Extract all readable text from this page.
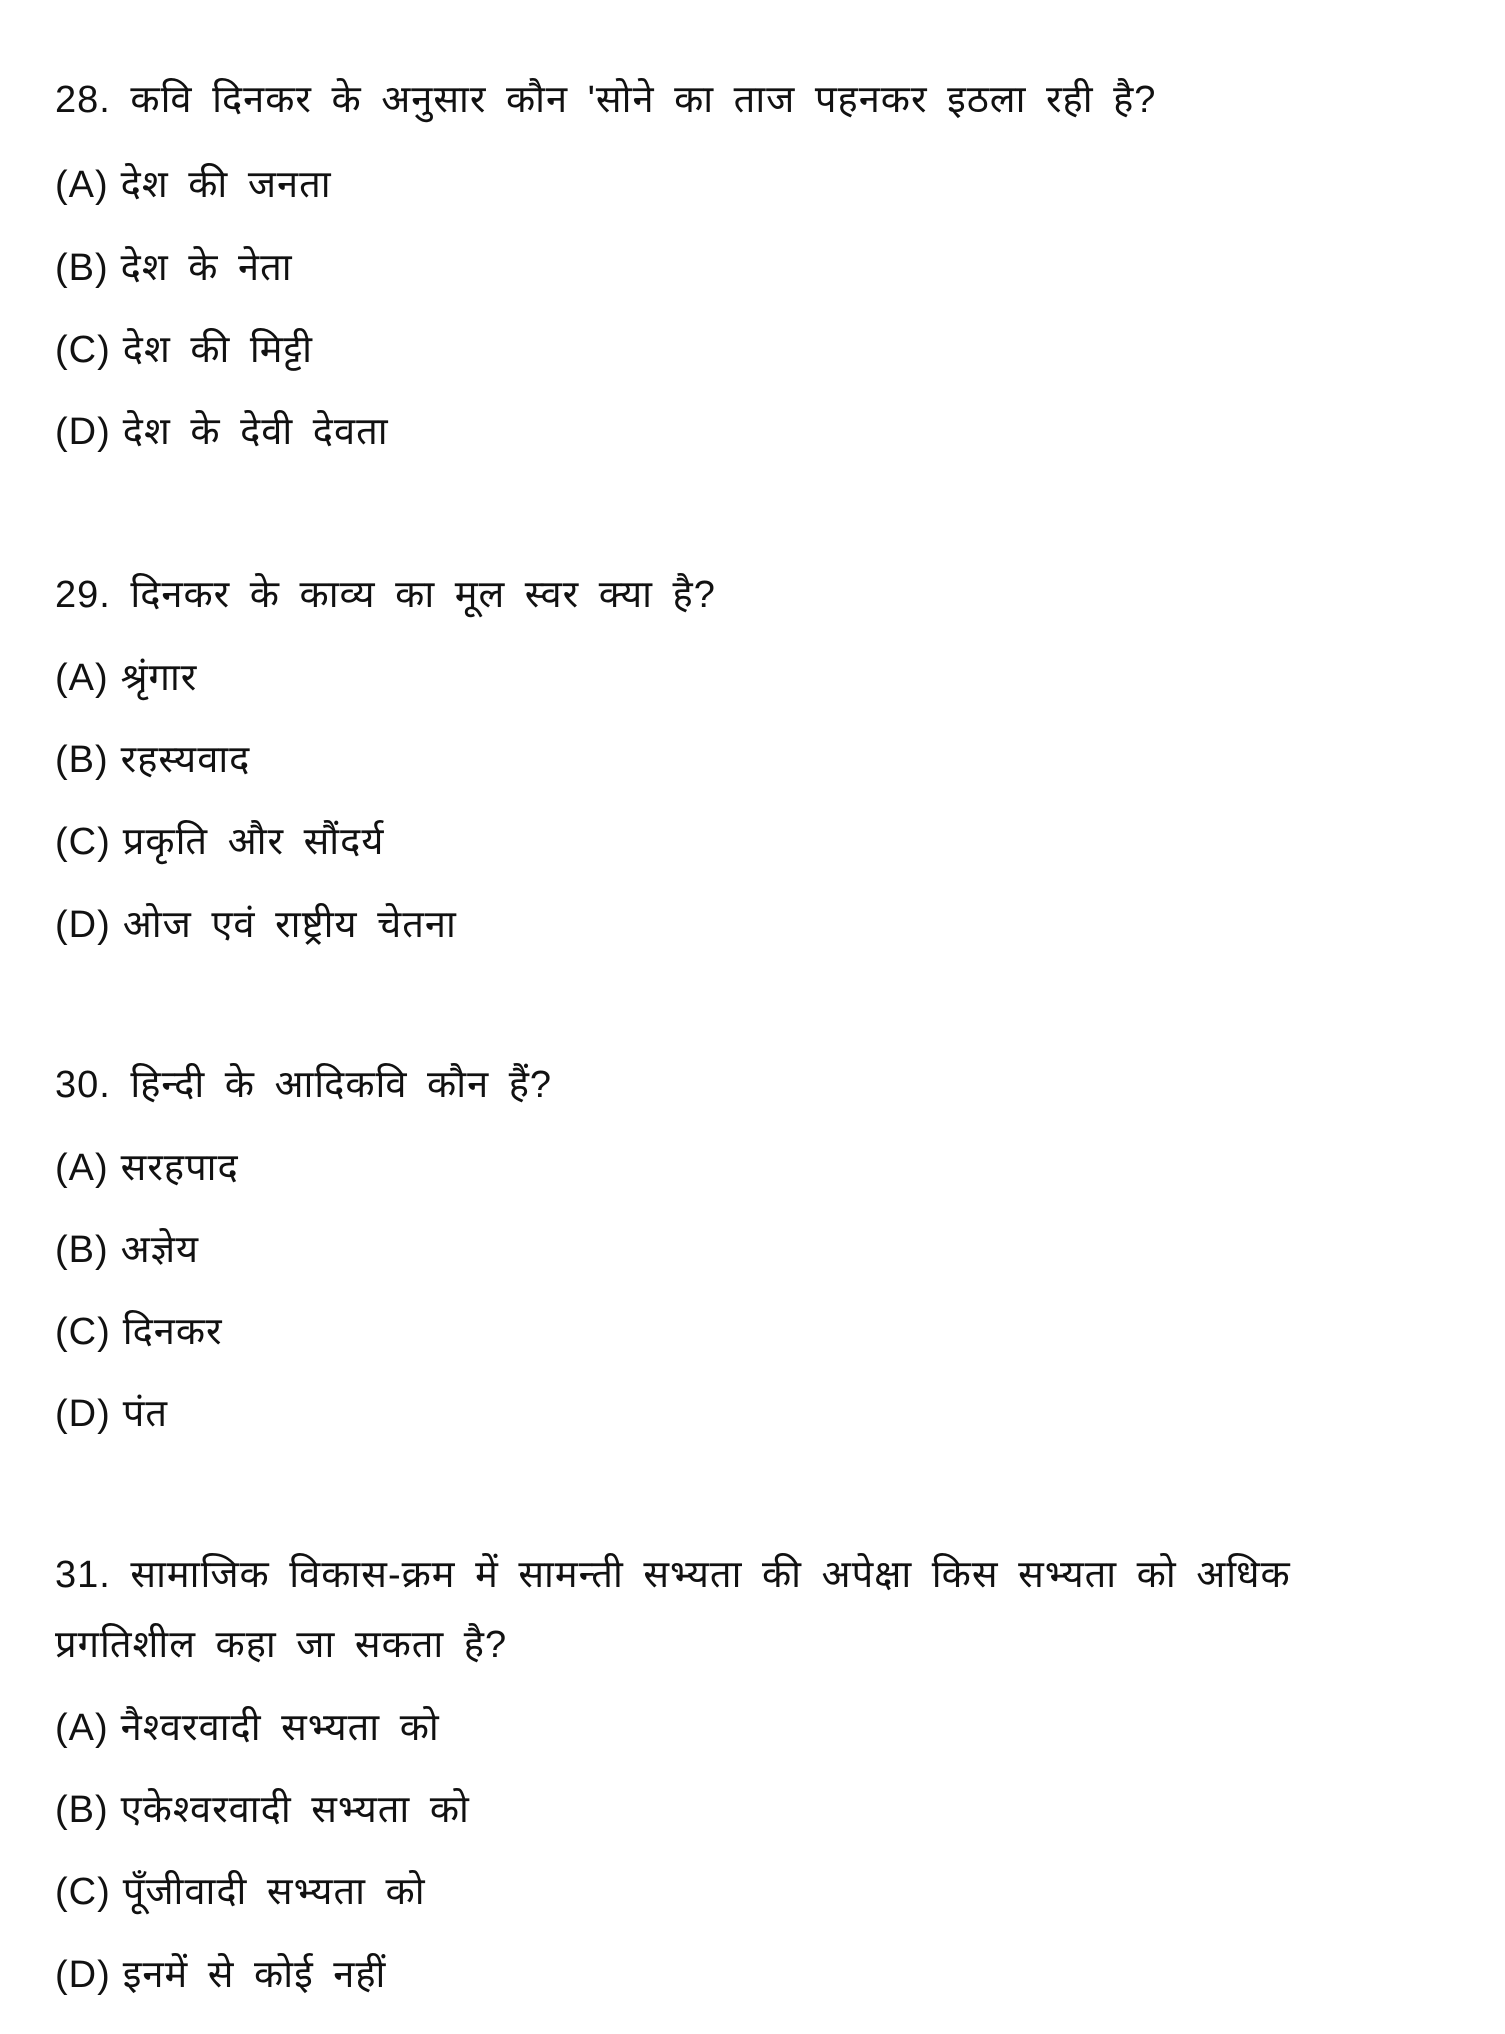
28. कवि दिनकर के अनुसार कौन 'सोने का ताज पहनकर इठला रही है?
(A) देश की जनता
(B) देश के नेता
(C) देश की मिट्टी
(D) देश के देवी देवता
29. दिनकर के काव्य का मूल स्वर क्या है?
(A) श्रृंगार
(B) रहस्यवाद
(C) प्रकृति और सौंदर्य
(D) ओज एवं राष्ट्रीय चेतना
30. हिन्दी के आदिकवि कौन हैं?
(A) सरहपाद
(B) अज्ञेय
(C) दिनकर
(D) पंत
31. सामाजिक विकास-क्रम में सामन्ती सभ्यता की अपेक्षा किस सभ्यता को अधिक
प्रगतिशील कहा जा सकता है?
(A) नैश्वरवादी सभ्यता को
(B) एकेश्वरवादी सभ्यता को
(C) पूँजीवादी सभ्यता को
(D) इनमें से कोई नहीं
